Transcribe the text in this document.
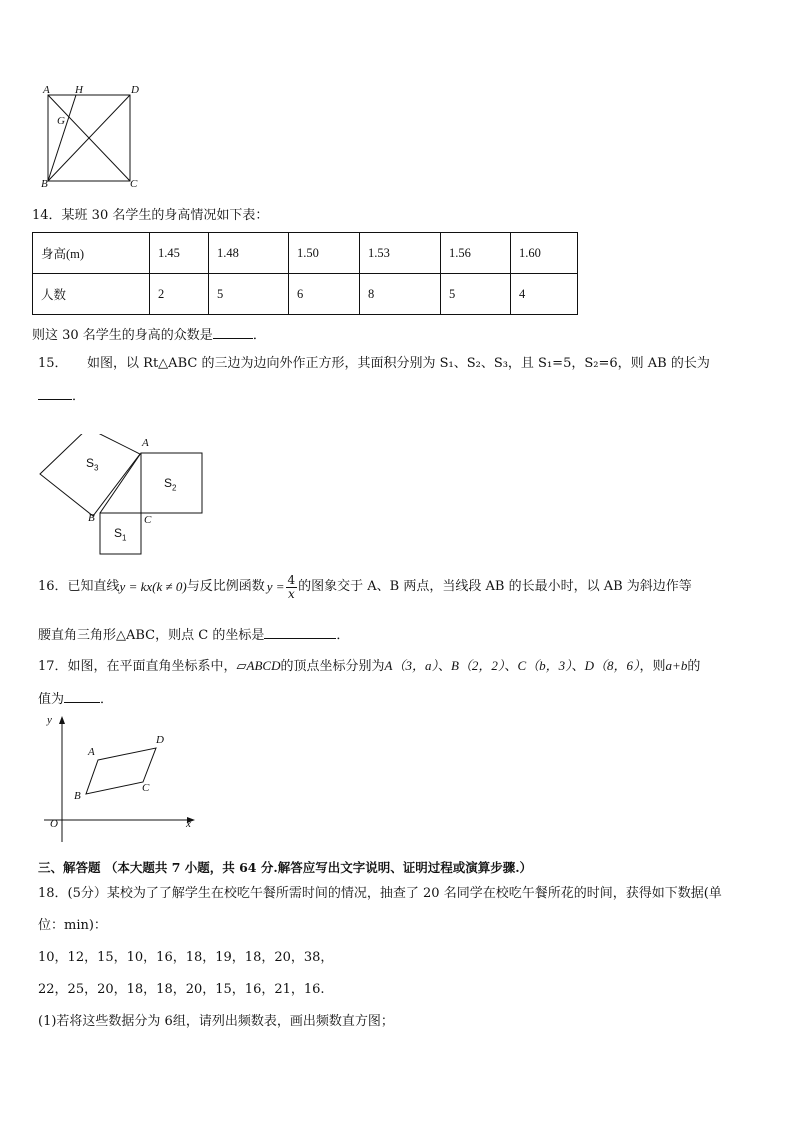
A H	D
G
B	C
14．某班 30 名学生的身高情况如下表：
身高(m)	1.45	1.48	1.50	1.53	1.56	1.60
人数	2	5	6	8	5	4
则这 30 名学生的身高的众数是	．
15．　　如图，以 Rt△ABC 的三边为边向外作正方形，其面积分别为 S₁、S₂、S₃，且 S₁=5，S₂=6，则 AB 的长为
．
A
B	C
$S_3$
$S_2$
$S_1$
16．已知直线 y = kx(k ≠ 0) 与反比例函数 $y = \frac{4}{x}$ 的图象交于 A、B 两点，当线段 AB 的长最小时，以 AB 为斜边作等
腰直角三角形△ABC，则点 C 的坐标是	．
17．如图，在平面直角坐标系中，▱ABCD的顶点坐标分别为A（3，a）、B（2，2）、C（b，3）、D（8，6），则a+b的
值为	．
y
x
O
A
D
B
C
三、解答题 （本大题共 7 小题，共 64 分.解答应写出文字说明、证明过程或演算步骤.）
18．(5分）某校为了了解学生在校吃午餐所需时间的情况，抽查了 20 名同学在校吃午餐所花的时间，获得如下数据(单
位：min)：
10，12，15，10，16，18，19，18，20，38，
22，25，20，18，18，20，15，16，21，16.
(1)若将这些数据分为 6组，请列出频数表，画出频数直方图；
